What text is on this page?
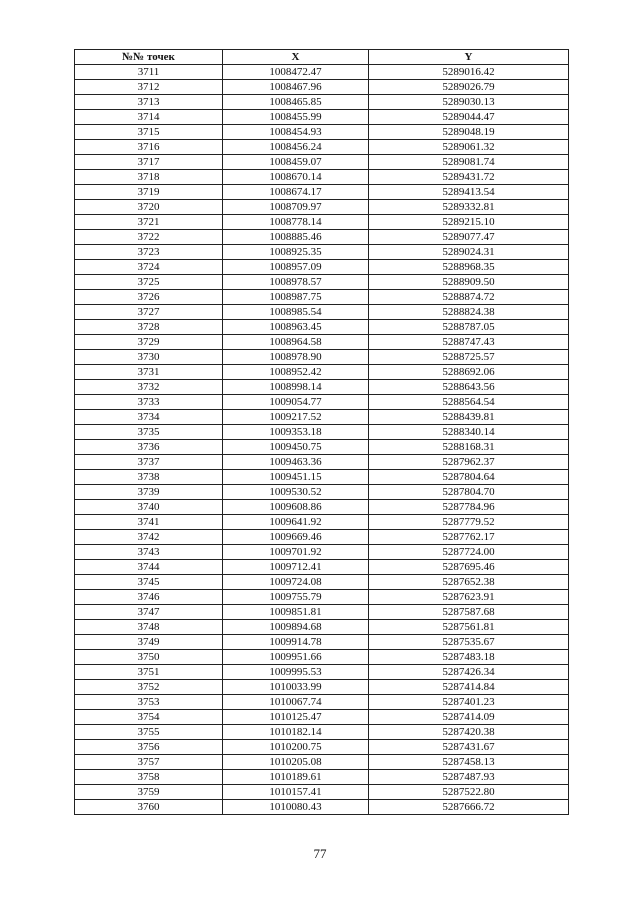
№№ точек	X	Y
3711	1008472.47	5289016.42
3712	1008467.96	5289026.79
3713	1008465.85	5289030.13
3714	1008455.99	5289044.47
3715	1008454.93	5289048.19
3716	1008456.24	5289061.32
3717	1008459.07	5289081.74
3718	1008670.14	5289431.72
3719	1008674.17	5289413.54
3720	1008709.97	5289332.81
3721	1008778.14	5289215.10
3722	1008885.46	5289077.47
3723	1008925.35	5289024.31
3724	1008957.09	5288968.35
3725	1008978.57	5288909.50
3726	1008987.75	5288874.72
3727	1008985.54	5288824.38
3728	1008963.45	5288787.05
3729	1008964.58	5288747.43
3730	1008978.90	5288725.57
3731	1008952.42	5288692.06
3732	1008998.14	5288643.56
3733	1009054.77	5288564.54
3734	1009217.52	5288439.81
3735	1009353.18	5288340.14
3736	1009450.75	5288168.31
3737	1009463.36	5287962.37
3738	1009451.15	5287804.64
3739	1009530.52	5287804.70
3740	1009608.86	5287784.96
3741	1009641.92	5287779.52
3742	1009669.46	5287762.17
3743	1009701.92	5287724.00
3744	1009712.41	5287695.46
3745	1009724.08	5287652.38
3746	1009755.79	5287623.91
3747	1009851.81	5287587.68
3748	1009894.68	5287561.81
3749	1009914.78	5287535.67
3750	1009951.66	5287483.18
3751	1009995.53	5287426.34
3752	1010033.99	5287414.84
3753	1010067.74	5287401.23
3754	1010125.47	5287414.09
3755	1010182.14	5287420.38
3756	1010200.75	5287431.67
3757	1010205.08	5287458.13
3758	1010189.61	5287487.93
3759	1010157.41	5287522.80
3760	1010080.43	5287666.72
77
